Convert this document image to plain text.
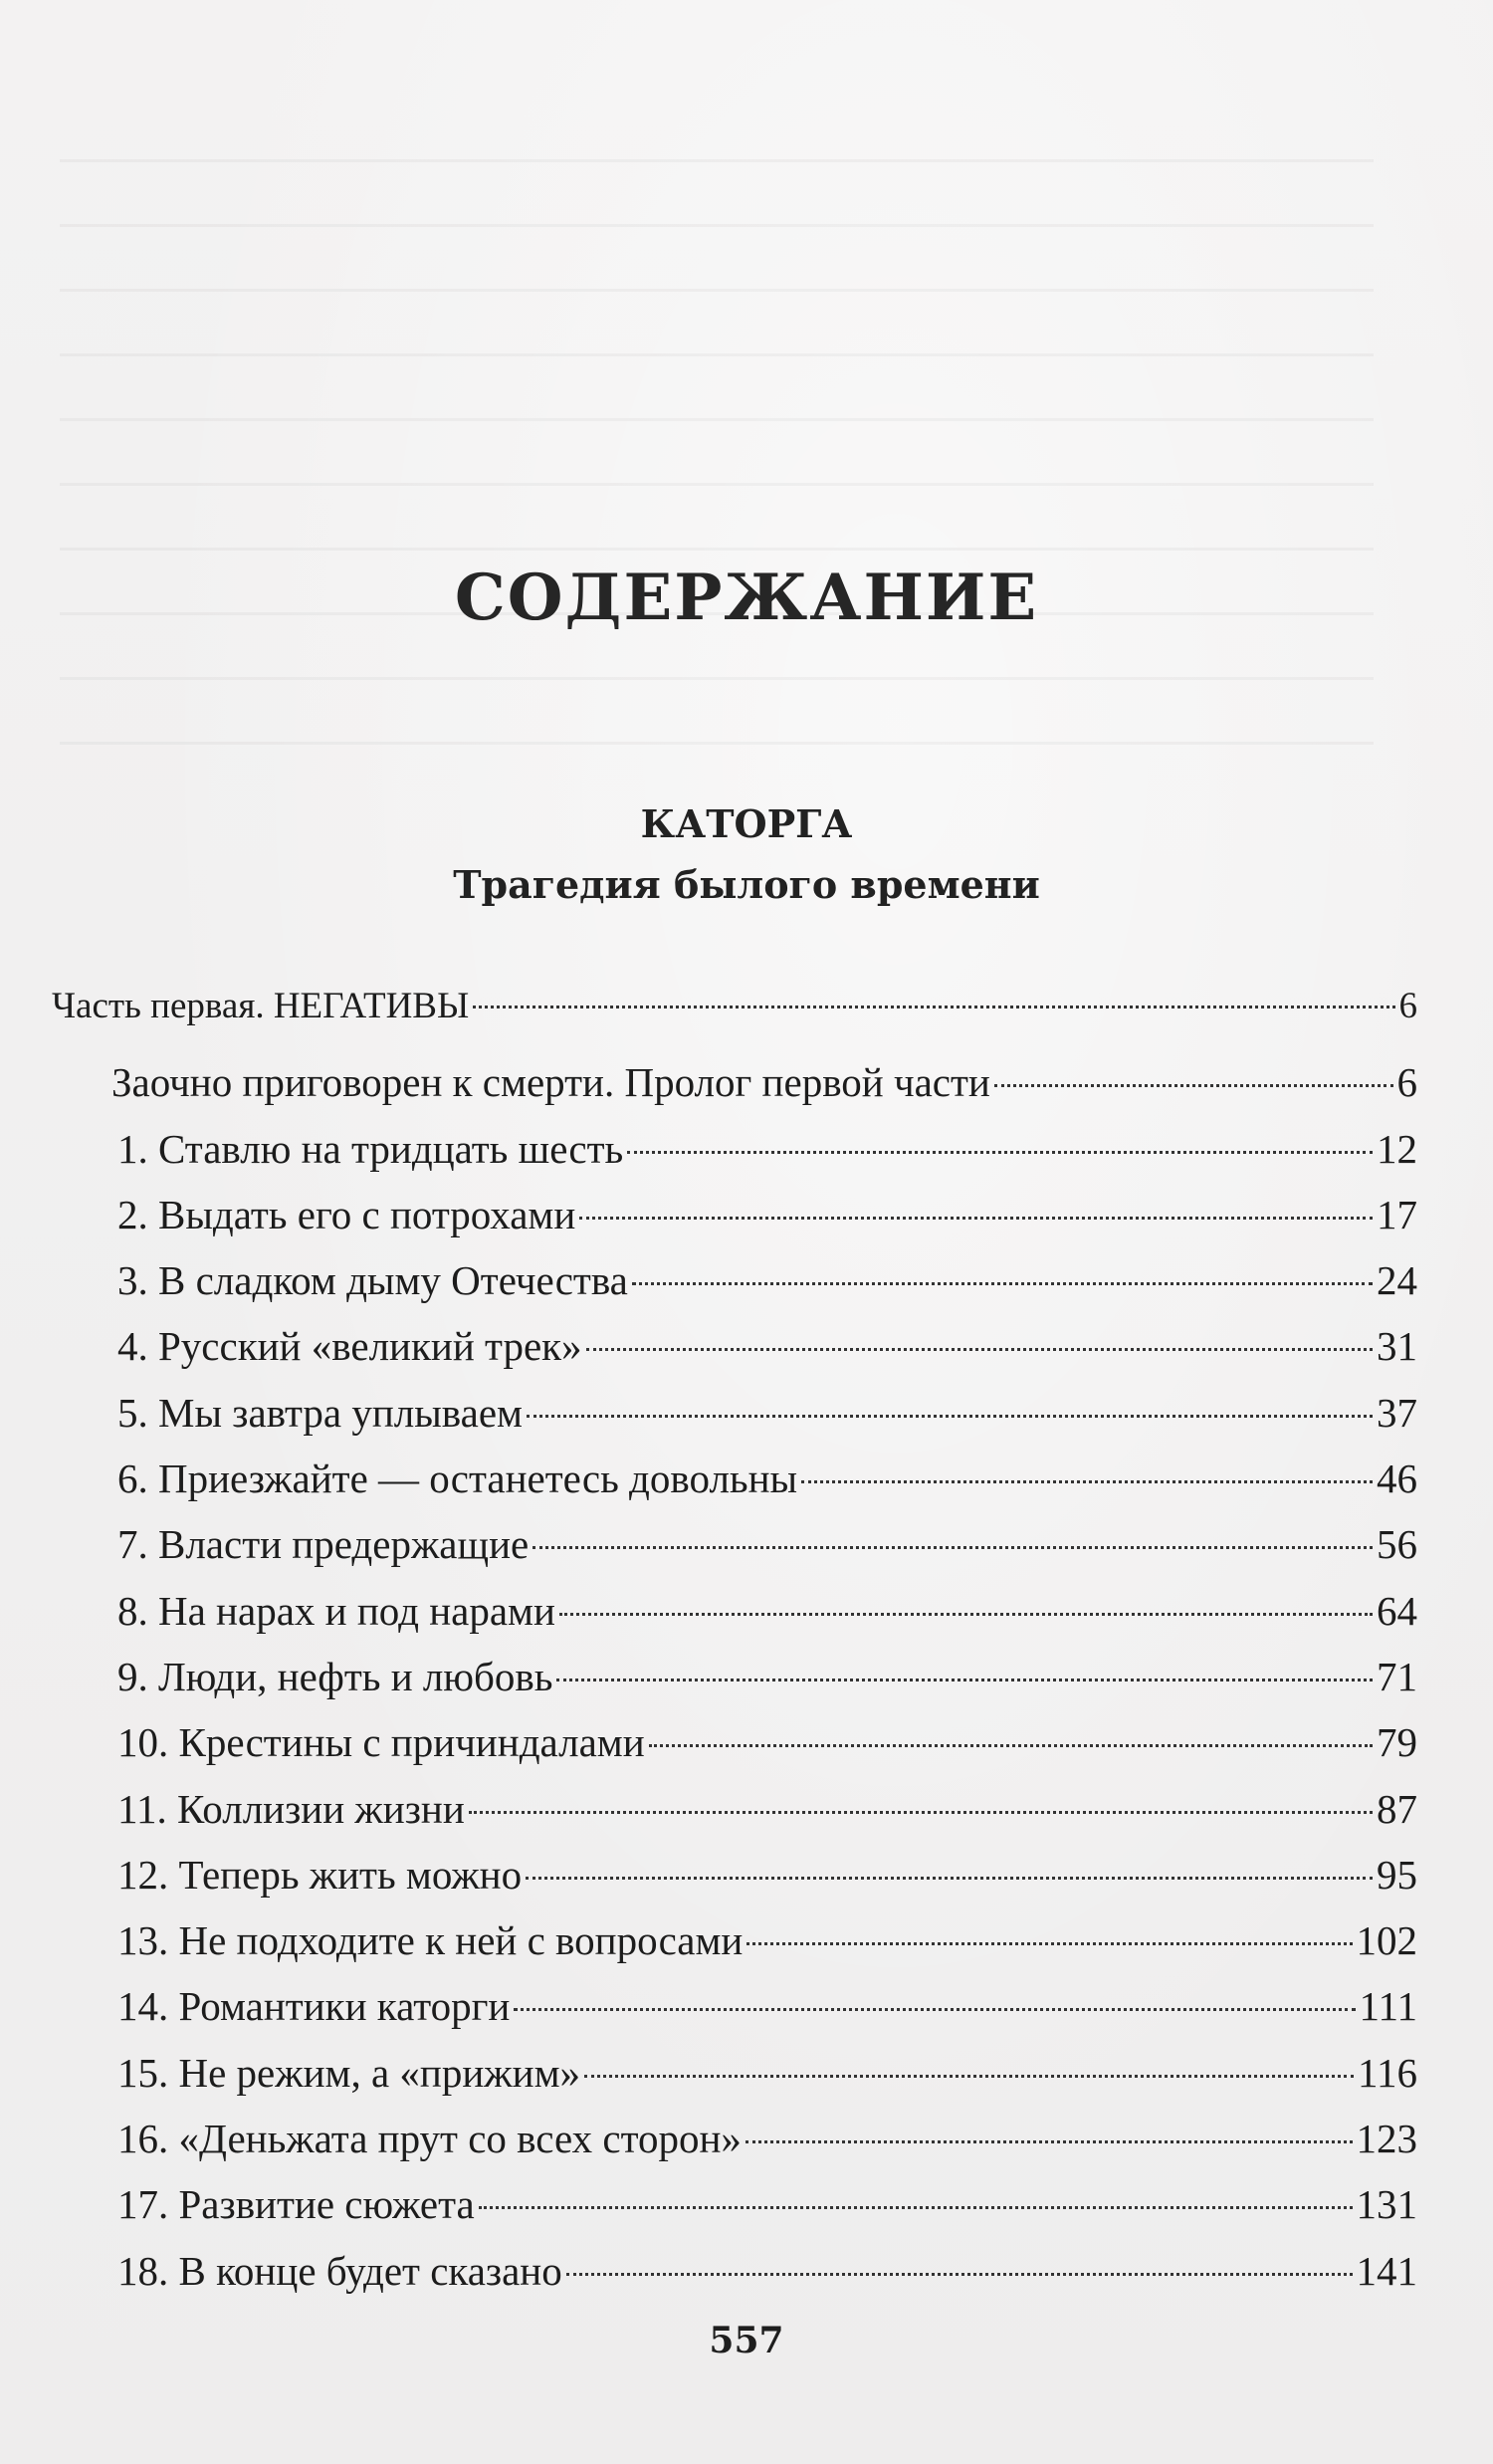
СОДЕРЖАНИЕ
КАТОРГА
Трагедия былого времени
Часть первая. НЕГАТИВЫ	6
Заочно приговорен к смерти. Пролог первой части	6
1. Ставлю на тридцать шесть	12
2. Выдать его с потрохами	17
3. В сладком дыму Отечества	24
4. Русский «великий трек»	31
5. Мы завтра уплываем	37
6. Приезжайте — останетесь довольны	46
7. Власти предержащие	56
8. На нарах и под нарами	64
9. Люди, нефть и любовь	71
10. Крестины с причиндалами	79
11. Коллизии жизни	87
12. Теперь жить можно	95
13. Не подходите к ней с вопросами	102
14. Романтики каторги	111
15. Не режим, а «прижим»	116
16. «Деньжата прут со всех сторон»	123
17. Развитие сюжета	131
18. В конце будет сказано	141
557
